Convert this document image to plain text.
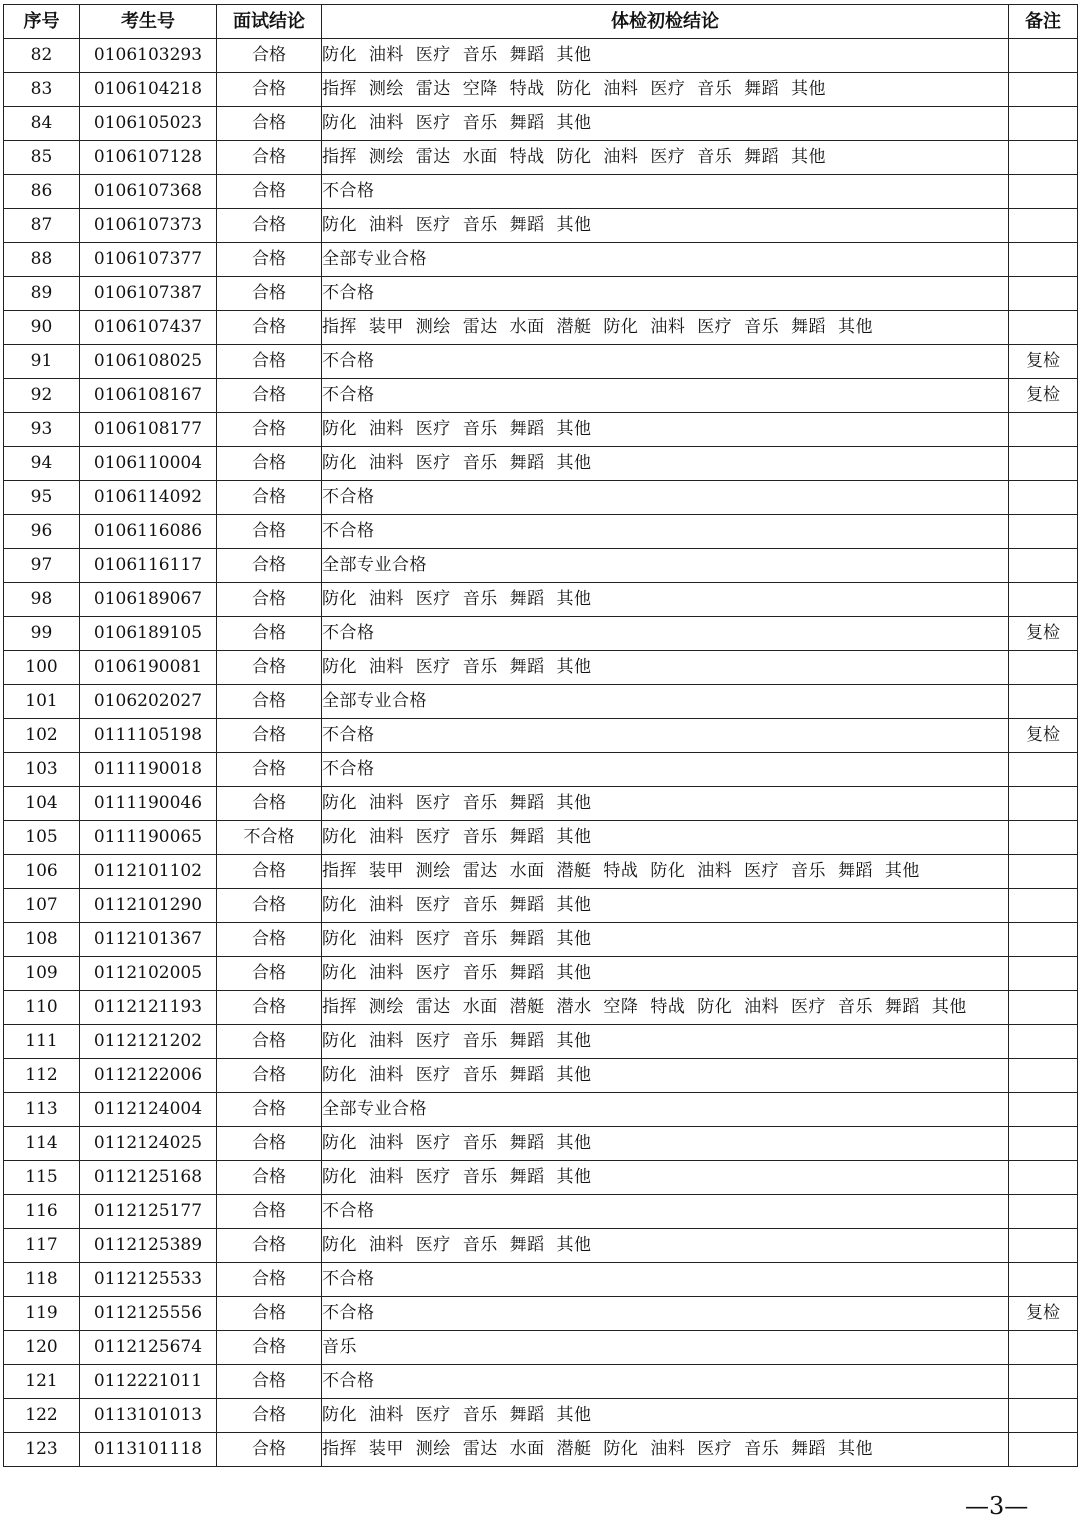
序号	考生号	面试结论	体检初检结论	备注
82	0106103293	合格	防化 油料 医疗 音乐 舞蹈 其他	
83	0106104218	合格	指挥 测绘 雷达 空降 特战 防化 油料 医疗 音乐 舞蹈 其他	
84	0106105023	合格	防化 油料 医疗 音乐 舞蹈 其他	
85	0106107128	合格	指挥 测绘 雷达 水面 特战 防化 油料 医疗 音乐 舞蹈 其他	
86	0106107368	合格	不合格	
87	0106107373	合格	防化 油料 医疗 音乐 舞蹈 其他	
88	0106107377	合格	全部专业合格	
89	0106107387	合格	不合格	
90	0106107437	合格	指挥 装甲 测绘 雷达 水面 潜艇 防化 油料 医疗 音乐 舞蹈 其他	
91	0106108025	合格	不合格	复检
92	0106108167	合格	不合格	复检
93	0106108177	合格	防化 油料 医疗 音乐 舞蹈 其他	
94	0106110004	合格	防化 油料 医疗 音乐 舞蹈 其他	
95	0106114092	合格	不合格	
96	0106116086	合格	不合格	
97	0106116117	合格	全部专业合格	
98	0106189067	合格	防化 油料 医疗 音乐 舞蹈 其他	
99	0106189105	合格	不合格	复检
100	0106190081	合格	防化 油料 医疗 音乐 舞蹈 其他	
101	0106202027	合格	全部专业合格	
102	0111105198	合格	不合格	复检
103	0111190018	合格	不合格	
104	0111190046	合格	防化 油料 医疗 音乐 舞蹈 其他	
105	0111190065	不合格	防化 油料 医疗 音乐 舞蹈 其他	
106	0112101102	合格	指挥 装甲 测绘 雷达 水面 潜艇 特战 防化 油料 医疗 音乐 舞蹈 其他	
107	0112101290	合格	防化 油料 医疗 音乐 舞蹈 其他	
108	0112101367	合格	防化 油料 医疗 音乐 舞蹈 其他	
109	0112102005	合格	防化 油料 医疗 音乐 舞蹈 其他	
110	0112121193	合格	指挥 测绘 雷达 水面 潜艇 潜水 空降 特战 防化 油料 医疗 音乐 舞蹈 其他	
111	0112121202	合格	防化 油料 医疗 音乐 舞蹈 其他	
112	0112122006	合格	防化 油料 医疗 音乐 舞蹈 其他	
113	0112124004	合格	全部专业合格	
114	0112124025	合格	防化 油料 医疗 音乐 舞蹈 其他	
115	0112125168	合格	防化 油料 医疗 音乐 舞蹈 其他	
116	0112125177	合格	不合格	
117	0112125389	合格	防化 油料 医疗 音乐 舞蹈 其他	
118	0112125533	合格	不合格	
119	0112125556	合格	不合格	复检
120	0112125674	合格	音乐	
121	0112221011	合格	不合格	
122	0113101013	合格	防化 油料 医疗 音乐 舞蹈 其他	
123	0113101118	合格	指挥 装甲 测绘 雷达 水面 潜艇 防化 油料 医疗 音乐 舞蹈 其他	
—3—
